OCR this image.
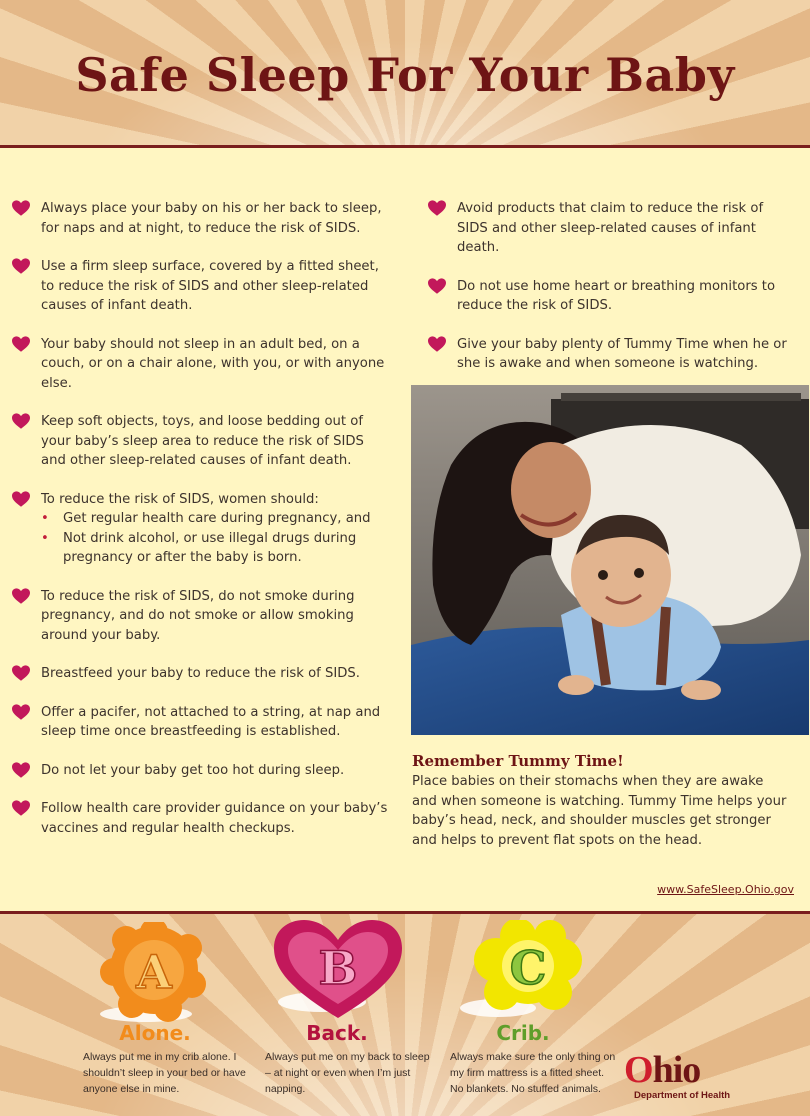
Safe Sleep For Your Baby
Always place your baby on his or her back to sleep, for naps and at night, to reduce the risk of SIDS.
Use a firm sleep surface, covered by a fitted sheet, to reduce the risk of SIDS and other sleep-related causes of infant death.
Your baby should not sleep in an adult bed, on a couch, or on a chair alone, with you, or with anyone else.
Keep soft objects, toys, and loose bedding out of your baby’s sleep area to reduce the risk of SIDS and other sleep-related causes of infant death.
To reduce the risk of SIDS, women should:
• Get regular health care during pregnancy, and
• Not drink alcohol, or use illegal drugs during pregnancy or after the baby is born.
To reduce the risk of SIDS, do not smoke during pregnancy, and do not smoke or allow smoking around your baby.
Breastfeed your baby to reduce the risk of SIDS.
Offer a pacifer, not attached to a string, at nap and sleep time once breastfeeding is established.
Do not let your baby get too hot during sleep.
Follow health care provider guidance on your baby’s vaccines and regular health checkups.
Avoid products that claim to reduce the risk of SIDS and other sleep-related causes of infant death.
Do not use home heart or breathing monitors to reduce the risk of SIDS.
Give your baby plenty of Tummy Time when he or she is awake and when someone is watching.
Remember Tummy Time!

Place babies on their stomachs when they are awake and when someone is watching. Tummy Time helps your baby’s head, neck, and shoulder muscles get stronger and helps to prevent flat spots on the head.

www.SafeSleep.Ohio.gov
A
Alone.
Always put me in my crib alone. I shouldn’t sleep in your bed or have anyone else in mine.
B
Back.
Always put me on my back to sleep – at night or even when I’m just napping.
C
Crib.
Always make sure the only thing on my firm mattress is a fitted sheet. No blankets. No stuffed animals. Ohio
Department of Health
